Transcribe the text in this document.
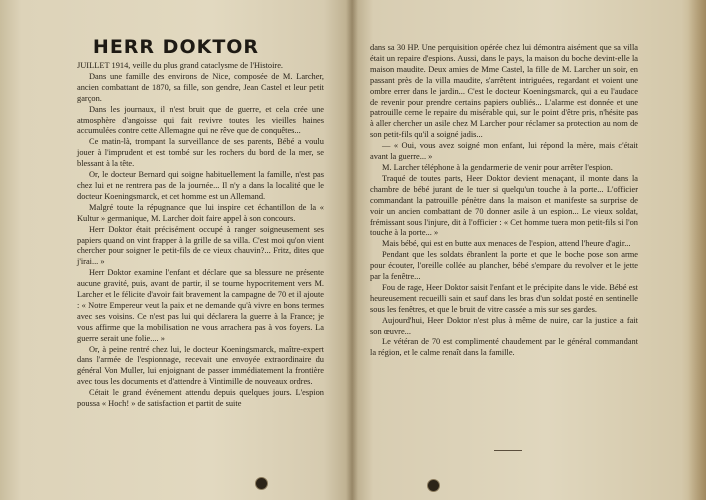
HERR DOKTOR

JUILLET 1914, veille du plus grand cataclysme de l'Histoire.

Dans une famille des environs de Nice, composée de M. Larcher, ancien combattant de 1870, sa fille, son gendre, Jean Castel et leur petit garçon.

Dans les journaux, il n'est bruit que de guerre, et cela crée une atmosphère d'angoisse qui fait revivre toutes les vieilles haines accumulées contre cette Allemagne qui ne rêve que de conquêtes...

Ce matin-là, trompant la surveillance de ses parents, Bébé a voulu jouer à l'imprudent et est tombé sur les rochers du bord de la mer, se blessant à la tête.

Or, le docteur Bernard qui soigne habituellement la famille, n'est pas chez lui et ne rentrera pas de la journée... Il n'y a dans la localité que le docteur Koeningsmarck, et cet homme est un Allemand.

Malgré toute la répugnance que lui inspire cet échantillon de la « Kultur » germanique, M. Larcher doit faire appel à son concours.

Herr Doktor était précisément occupé à ranger soigneusement ses papiers quand on vint frapper à la grille de sa villa. C'est moi qu'on vient chercher pour soigner le petit-fils de ce vieux chauvin?... Fritz, dites que j'irai... »

Herr Doktor examine l'enfant et déclare que sa blessure ne présente aucune gravité, puis, avant de partir, il se tourne hypocritement vers M. Larcher et le félicite d'avoir fait bravement la campagne de 70 et il ajoute : « Notre Empereur veut la paix et ne demande qu'à vivre en bons termes avec ses voisins. Ce n'est pas lui qui déclarera la guerre à la France; je vous affirme que la mobilisation ne vous arrachera pas à vos foyers. La guerre serait une folie.... »

Or, à peine rentré chez lui, le docteur Koeningsmarck, maître-expert dans l'armée de l'espionnage, recevait une envoyée extraordinaire du général Von Muller, lui enjoignant de passer immédiatement la frontière avec tous les documents et d'attendre à Vintimille de nouveaux ordres.

Cétait le grand événement attendu depuis quelques jours. L'espion poussa « Hoch! » de satisfaction et partit de suite

dans sa 30 HP. Une perquisition opérée chez lui démontra aisément que sa villa était un repaire d'espions. Aussi, dans le pays, la maison du boche devint-elle la maison maudite. Deux amies de Mme Castel, la fille de M. Larcher un soir, en passant près de la villa maudite, s'arrêtent intriguées, regardant et voient une ombre errer dans le jardin... C'est le docteur Koeningsmarck, qui a eu l'audace de revenir pour prendre certains papiers oubliés... L'alarme est donnée et une patrouille cerne le repaire du misérable qui, sur le point d'être pris, n'hésite pas à aller chercher un asile chez M Larcher pour réclamer sa protection au nom de son petit-fils qu'il a soigné jadis...

— « Oui, vous avez soigné mon enfant, lui répond la mère, mais c'était avant la guerre... »

M. Larcher téléphone à la gendarmerie de venir pour arrêter l'espion.

Traqué de toutes parts, Heer Doktor devient menaçant, il monte dans la chambre de bébé jurant de le tuer si quelqu'un touche à la porte... L'officier commandant la patrouille pénètre dans la maison et manifeste sa surprise de voir un ancien combattant de 70 donner asile à un espion... Le vieux soldat, frémissant sous l'injure, dit à l'officier : « Cet homme tuera mon petit-fils si l'on touche à la porte... »

Mais bébé, qui est en butte aux menaces de l'espion, attend l'heure d'agir...

Pendant que les soldats ébranlent la porte et que le boche pose son arme pour écouter, l'oreille collée au plancher, bébé s'empare du revolver et le jette par la fenêtre...

Fou de rage, Heer Doktor saisit l'enfant et le précipite dans le vide. Bébé est heureusement recueilli sain et sauf dans les bras d'un soldat posté en sentinelle sous les fenêtres, et que le bruit de vitre cassée a mis sur ses gardes.

Aujourd'hui, Heer Doktor n'est plus à même de nuire, car la justice a fait son œuvre...

Le vétéran de 70 est complimenté chaudement par le général commandant la région, et le calme renaît dans la famille.
